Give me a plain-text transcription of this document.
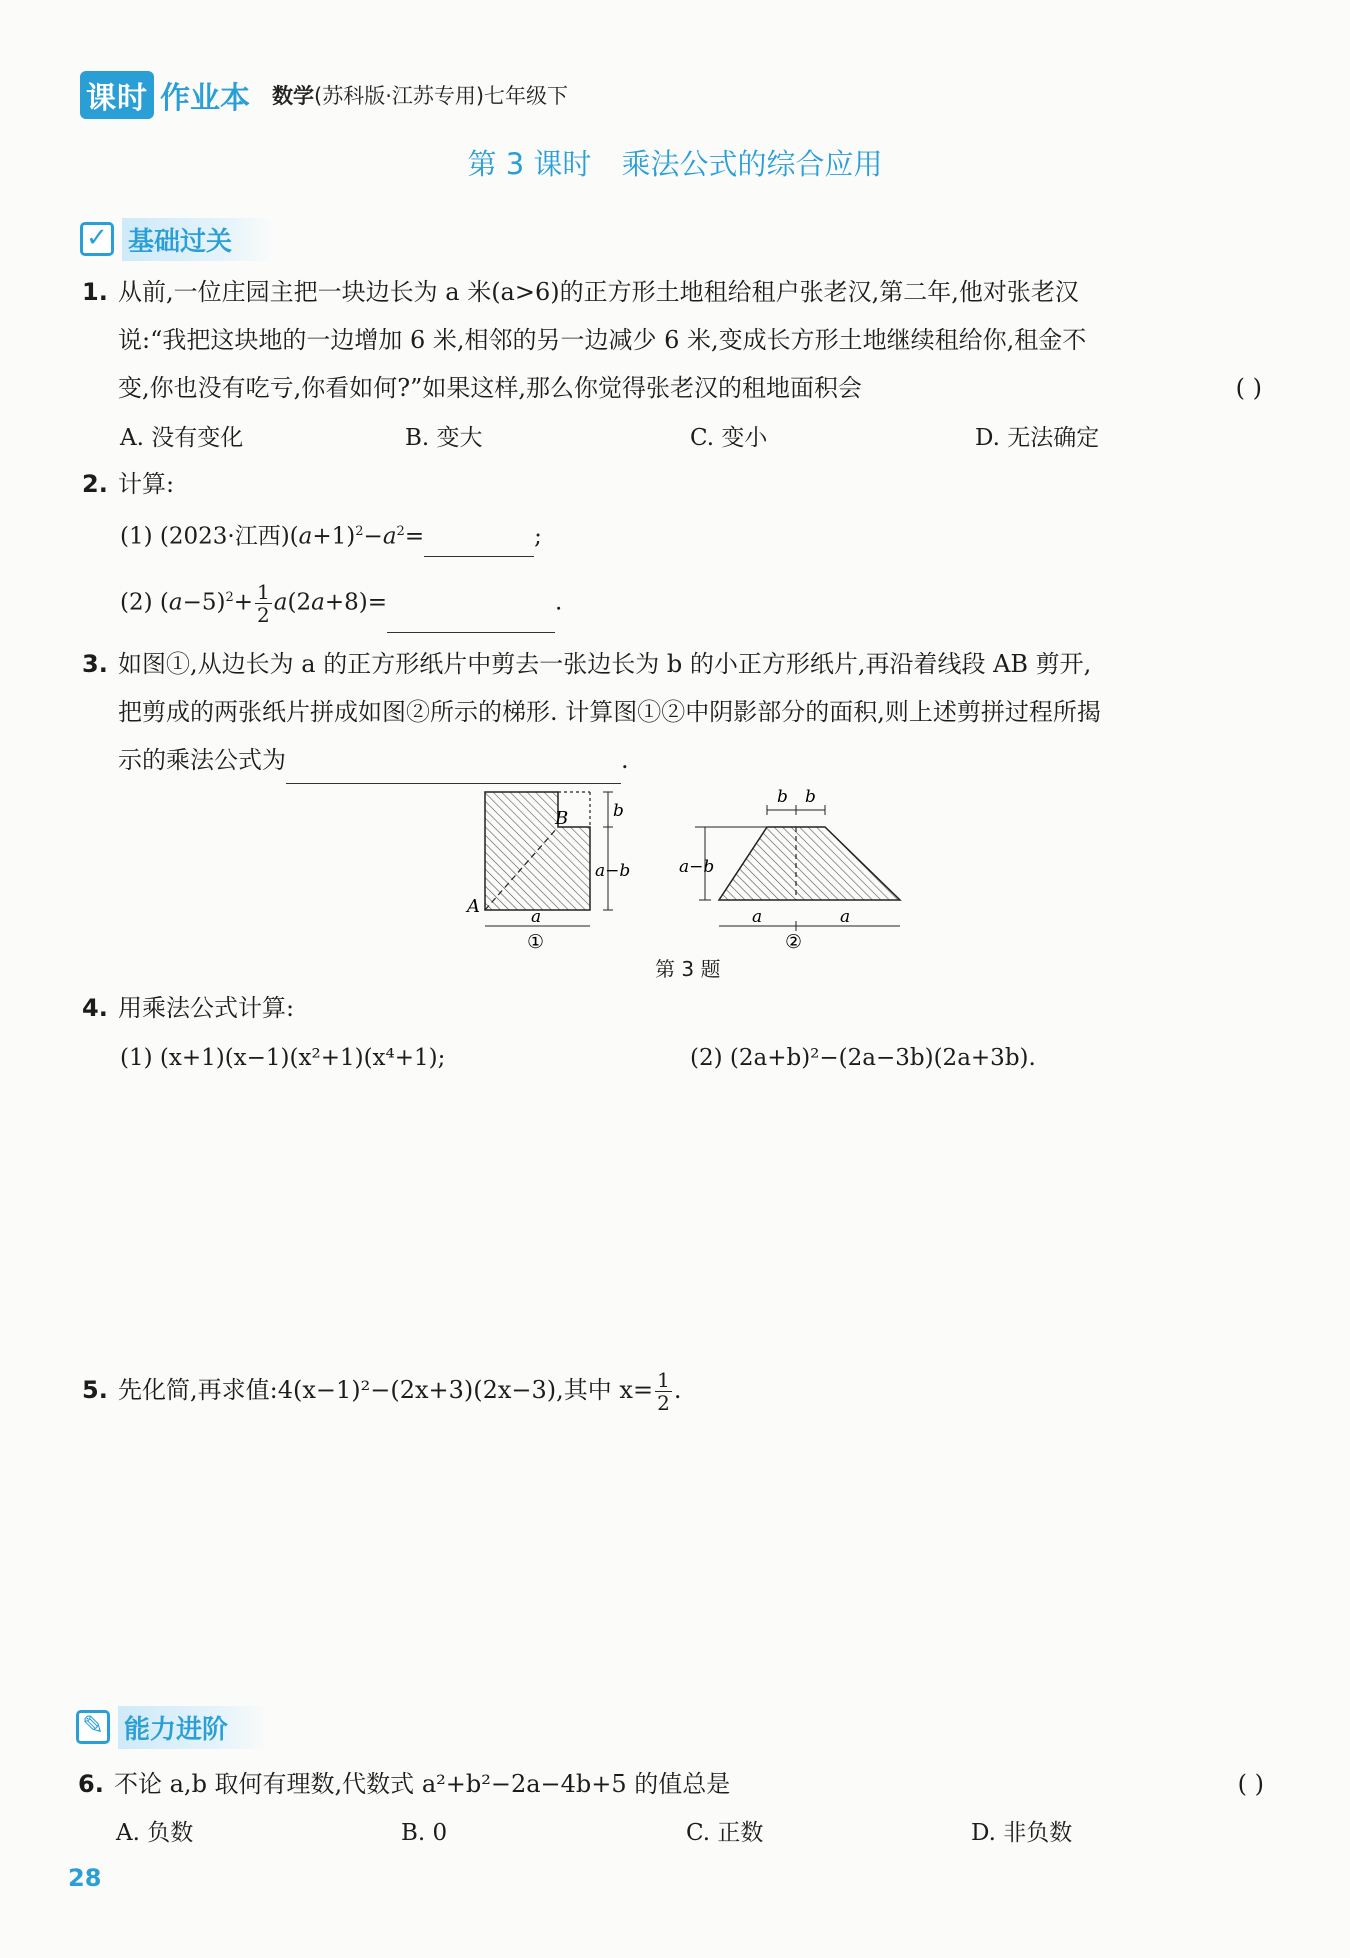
课时 作业本 数学(苏科版·江苏专用)七年级下
第 3 课时 乘法公式的综合应用
✓ 基础过关
1. 从前,一位庄园主把一块边长为 a 米(a>6)的正方形土地租给租户张老汉,第二年,他对张老汉
说:“我把这块地的一边增加 6 米,相邻的另一边减少 6 米,变成长方形土地继续租给你,租金不
变,你也没有吃亏,你看如何?”如果这样,那么你觉得张老汉的租地面积会	( )
A. 没有变化	B. 变大	C. 变小	D. 无法确定
2. 计算:
(1) (2023·江西)$(a+1)^2-a^2=$	;
(2) $(a-5)^2+ \frac{1}{2} a(2a+8)=$	.
3. 如图①,从边长为 a 的正方形纸片中剪去一张边长为 b 的小正方形纸片,再沿着线段 AB 剪开,
把剪成的两张纸片拼成如图②所示的梯形. 计算图①②中阴影部分的面积,则上述剪拼过程所揭
示的乘法公式为	.
B
A
b
a−b
a
①
a−b
b b
a	a
②
第 3 题
4. 用乘法公式计算:
(1) (x+1)(x−1)(x²+1)(x⁴+1);	(2) (2a+b)²−(2a−3b)(2a+3b).
5. 先化简,再求值:4(x−1)²−(2x+3)(2x−3),其中 $x= \frac{1}{2}$ .
✎ 能力进阶
6. 不论 a,b 取何有理数,代数式 a²+b²−2a−4b+5 的值总是	( )
A. 负数	B. 0	C. 正数	D. 非负数
28
